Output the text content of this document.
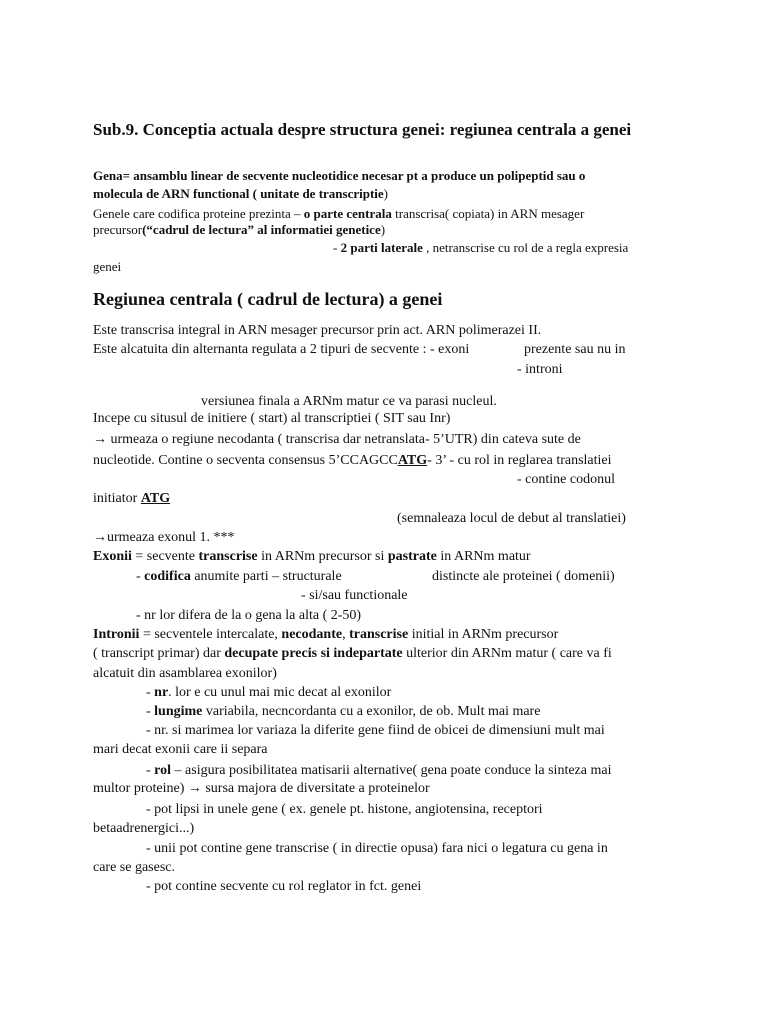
Sub.9. Conceptia actuala despre structura genei: regiunea centrala a genei
Gena= ansamblu linear de secvente nucleotidice necesar pt a produce un polipeptid sau o
molecula de ARN functional ( unitate de transcriptie)
Genele care codifica proteine prezinta – o parte centrala transcrisa( copiata) in ARN mesager
precursor(“cadrul de lectura” al informatiei genetice)
- 2 parti laterale , netranscrise cu rol de a regla expresia
genei
Regiunea centrala ( cadrul de lectura) a genei
Este transcrisa integral in ARN mesager precursor prin act. ARN polimerazei II.
Este alcatuita din alternanta regulata a 2 tipuri de secvente : - exoni	prezente sau nu in
- introni
versiunea finala a ARNm matur ce va parasi nucleul.
Incepe cu situsul de initiere ( start) al transcriptiei ( SIT sau Inr)
→ urmeaza o regiune necodanta ( transcrisa dar netranslata- 5’UTR) din cateva sute de
nucleotide. Contine o secventa consensus 5’CCAGCCATG- 3’ - cu rol in reglarea translatiei
- contine codonul
initiator ATG
(semnaleaza locul de debut al translatiei)
→urmeaza exonul 1. ***
Exonii = secvente transcrise in ARNm precursor si pastrate in ARNm matur
- codifica anumite parti – structurale	distincte ale proteinei ( domenii)
- si/sau functionale
- nr lor difera de la o gena la alta ( 2-50)
Intronii = secventele intercalate, necodante, transcrise initial in ARNm precursor
( transcript primar) dar decupate precis si indepartate ulterior din ARNm matur ( care va fi
alcatuit din asamblarea exonilor)
- nr. lor e cu unul mai mic decat al exonilor
- lungime variabila, necncordanta cu a exonilor, de ob. Mult mai mare
- nr. si marimea lor variaza la diferite gene fiind de obicei de dimensiuni mult mai
mari decat exonii care ii separa
- rol – asigura posibilitatea matisarii alternative( gena poate conduce la sinteza mai
multor proteine) → sursa majora de diversitate a proteinelor
- pot lipsi in unele gene ( ex. genele pt. histone, angiotensina, receptori
betaadrenergici...)
- unii pot contine gene transcrise ( in directie opusa) fara nici o legatura cu gena in
care se gasesc.
- pot contine secvente cu rol reglator in fct. genei
